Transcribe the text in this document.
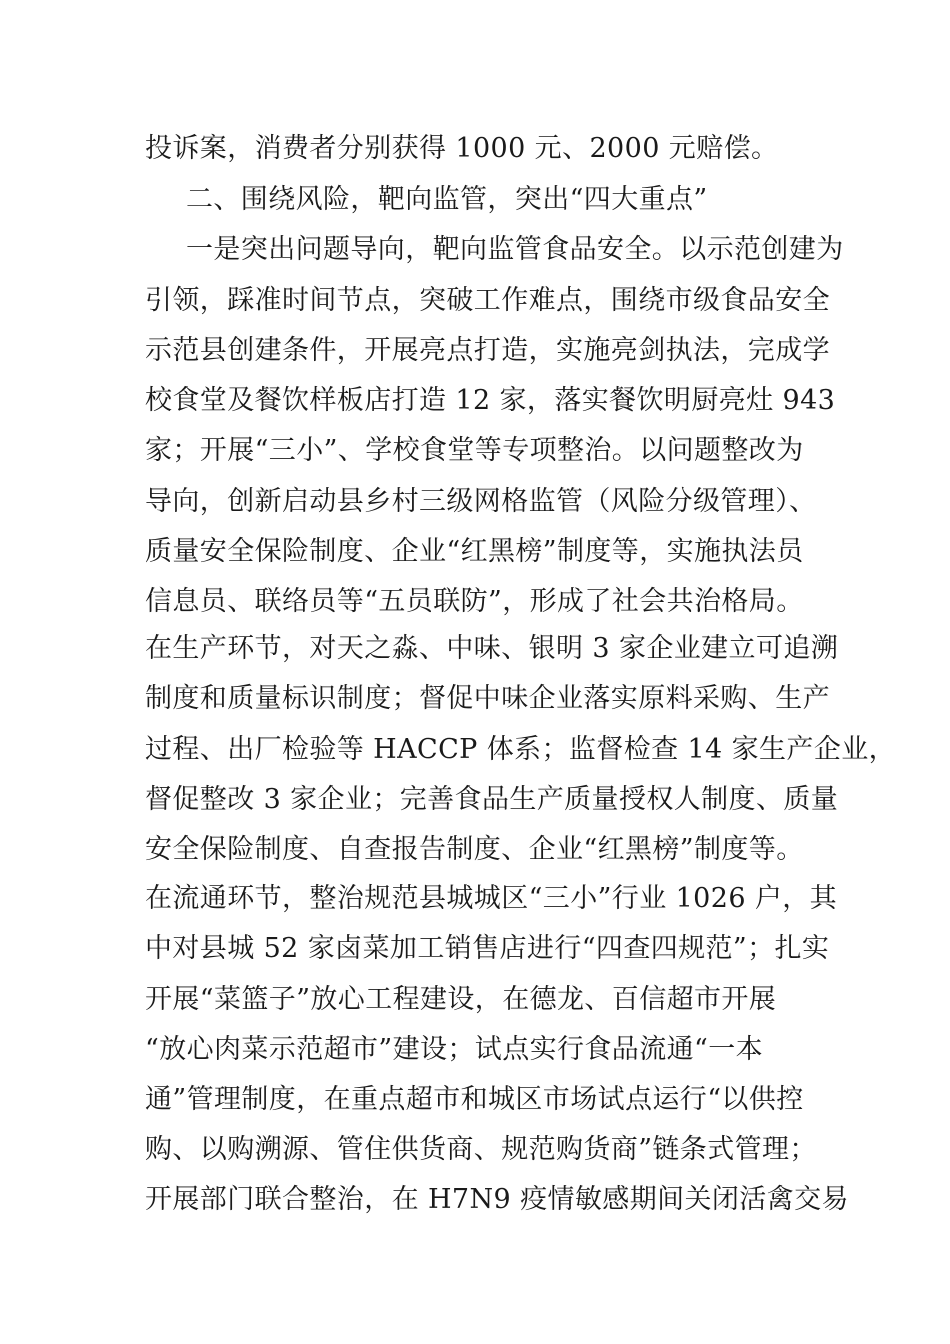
投诉案，消费者分别获得 1000 元、2000 元赔偿。
二、围绕风险，靶向监管，突出“四大重点”
一是突出问题导向，靶向监管食品安全。以示范创建为
引领，踩准时间节点，突破工作难点，围绕市级食品安全
示范县创建条件，开展亮点打造，实施亮剑执法，完成学
校食堂及餐饮样板店打造 12 家，落实餐饮明厨亮灶 943
家；开展“三小”、学校食堂等专项整治。以问题整改为
导向，创新启动县乡村三级网格监管（风险分级管理）、
质量安全保险制度、企业“红黑榜”制度等，实施执法员
信息员、联络员等“五员联防”，形成了社会共治格局。
在生产环节，对天之淼、中味、银明 3 家企业建立可追溯
制度和质量标识制度；督促中味企业落实原料采购、生产
过程、出厂检验等 HACCP 体系；监督检查 14 家生产企业，
督促整改 3 家企业；完善食品生产质量授权人制度、质量
安全保险制度、自查报告制度、企业“红黑榜”制度等。
在流通环节，整治规范县城城区“三小”行业 1026 户，其
中对县城 52 家卤菜加工销售店进行“四查四规范”；扎实
开展“菜篮子”放心工程建设，在德龙、百信超市开展
“放心肉菜示范超市”建设；试点实行食品流通“一本
通”管理制度，在重点超市和城区市场试点运行“以供控
购、以购溯源、管住供货商、规范购货商”链条式管理；
开展部门联合整治，在 H7N9 疫情敏感期间关闭活禽交易
